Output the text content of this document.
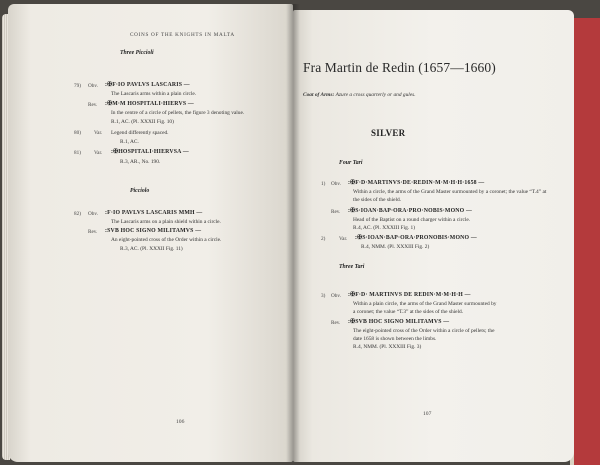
COINS OF THE KNIGHTS IN MALTA
Three Piccioli
79) Obv. :✠F·IO PAVLVS LASCARIS —
The Lascaris arms within a plain circle.
Rev. :✠M·M HOSPITALI·HIERVS —
In the centre of a circle of pellets, the figure 3 denoting value.
R.1, AC. (Pl. XXXII Fig. 10)
80)	Var. Legend differently spaced.
R.1, AC.
81)	Var. :✠HOSPITALI·HIERVSA —
R.3, AR., No. 190.
Picciolo
82) Obv. :F·IO PAVLVS LASCARIS MMH —
The Lascaris arms on a plain shield within a circle.
Rev. :SVB HOC SIGNO MILITAMVS —
An eight-pointed cross of the Order within a circle.
R.3, AC. (Pl. XXXII Fig. 11)
106
Fra Martin de Redin (1657—1660)
Coat of Arms: Azure a cross quarterly or and gules.
SILVER
Four Tari
1) Obv. :✠F·D·MARTINVS·DE·REDIN·M·M·H·H·1658 —
Within a circle, the arms of the Grand Master surmounted by a coronet; the value “T.4” at the sides of the shield.
Rev. :✠S·IOAN·BAP·ORA·PRO·NOBIS·MONO —
Head of the Baptist on a round charger within a circle.
R.4, AC. (Pl. XXXIII Fig. 1)
2)	Var. :✠S·IOAN·BAP·ORA·PRONOBIS·MONO —
R.4, NMM. (Pl. XXXIII Fig. 2)
Three Tari
3) Obv. :✠F·D· MARTINVS DE REDIN·M·M·H·H —
Within a plain circle, the arms of the Grand Master surmounted by
a coronet; the value “T.3” at the sides of the shield.
Rev. :✠SVB HOC SIGNO MILITAMVS —
The eight-pointed cross of the Order within a circle of pellets; the
date 1658 is shown between the limbs.
R.4, NMM. (Pl. XXXIII Fig. 3)
107
